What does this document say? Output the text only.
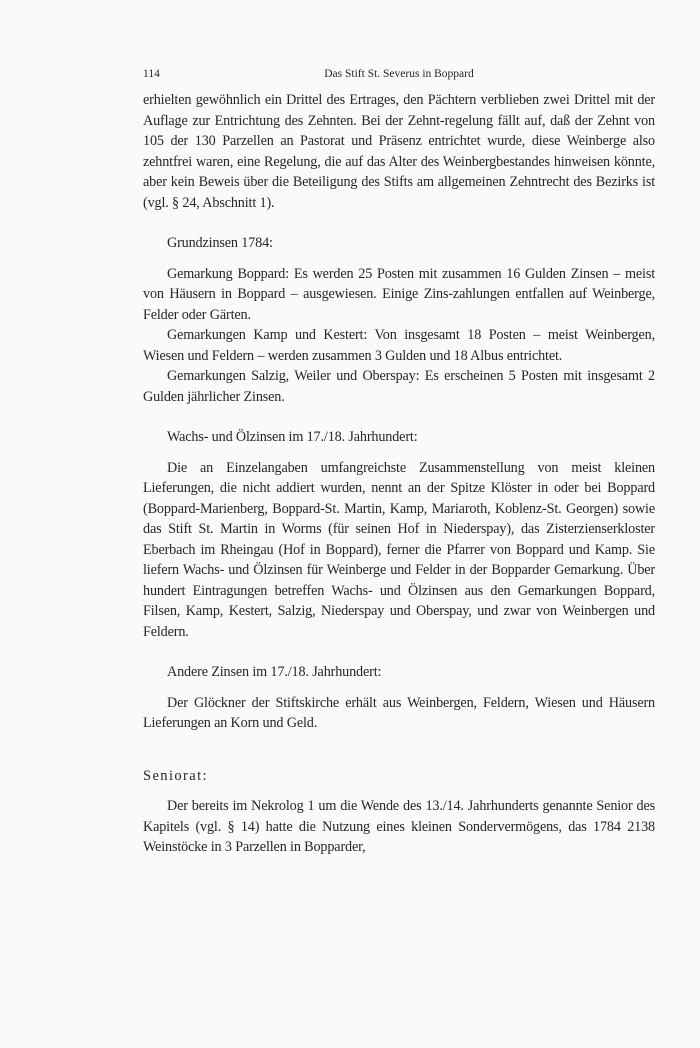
114	Das Stift St. Severus in Boppard

erhielten gewöhnlich ein Drittel des Ertrages, den Pächtern verblieben zwei Drittel mit der Auflage zur Entrichtung des Zehnten. Bei der Zehnt-regelung fällt auf, daß der Zehnt von 105 der 130 Parzellen an Pastorat und Präsenz entrichtet wurde, diese Weinberge also zehntfrei waren, eine Regelung, die auf das Alter des Weinbergbestandes hinweisen könnte, aber kein Beweis über die Beteiligung des Stifts am allgemeinen Zehntrecht des Bezirks ist (vgl. § 24, Abschnitt 1).

Grundzinsen 1784:

Gemarkung Boppard: Es werden 25 Posten mit zusammen 16 Gulden Zinsen – meist von Häusern in Boppard – ausgewiesen. Einige Zins-zahlungen entfallen auf Weinberge, Felder oder Gärten.

Gemarkungen Kamp und Kestert: Von insgesamt 18 Posten – meist Weinbergen, Wiesen und Feldern – werden zusammen 3 Gulden und 18 Albus entrichtet.

Gemarkungen Salzig, Weiler und Oberspay: Es erscheinen 5 Posten mit insgesamt 2 Gulden jährlicher Zinsen.

Wachs- und Ölzinsen im 17./18. Jahrhundert:

Die an Einzelangaben umfangreichste Zusammenstellung von meist kleinen Lieferungen, die nicht addiert wurden, nennt an der Spitze Klöster in oder bei Boppard (Boppard-Marienberg, Boppard-St. Martin, Kamp, Mariaroth, Koblenz-St. Georgen) sowie das Stift St. Martin in Worms (für seinen Hof in Niederspay), das Zisterzienserkloster Eberbach im Rheingau (Hof in Boppard), ferner die Pfarrer von Boppard und Kamp. Sie liefern Wachs- und Ölzinsen für Weinberge und Felder in der Bopparder Gemarkung. Über hundert Eintragungen betreffen Wachs- und Ölzinsen aus den Gemarkungen Boppard, Filsen, Kamp, Kestert, Salzig, Niederspay und Oberspay, und zwar von Weinbergen und Feldern.

Andere Zinsen im 17./18. Jahrhundert:

Der Glöckner der Stiftskirche erhält aus Weinbergen, Feldern, Wiesen und Häusern Lieferungen an Korn und Geld.

Seniorat:

Der bereits im Nekrolog 1 um die Wende des 13./14. Jahrhunderts genannte Senior des Kapitels (vgl. § 14) hatte die Nutzung eines kleinen Sondervermögens, das 1784 2138 Weinstöcke in 3 Parzellen in Bopparder,
